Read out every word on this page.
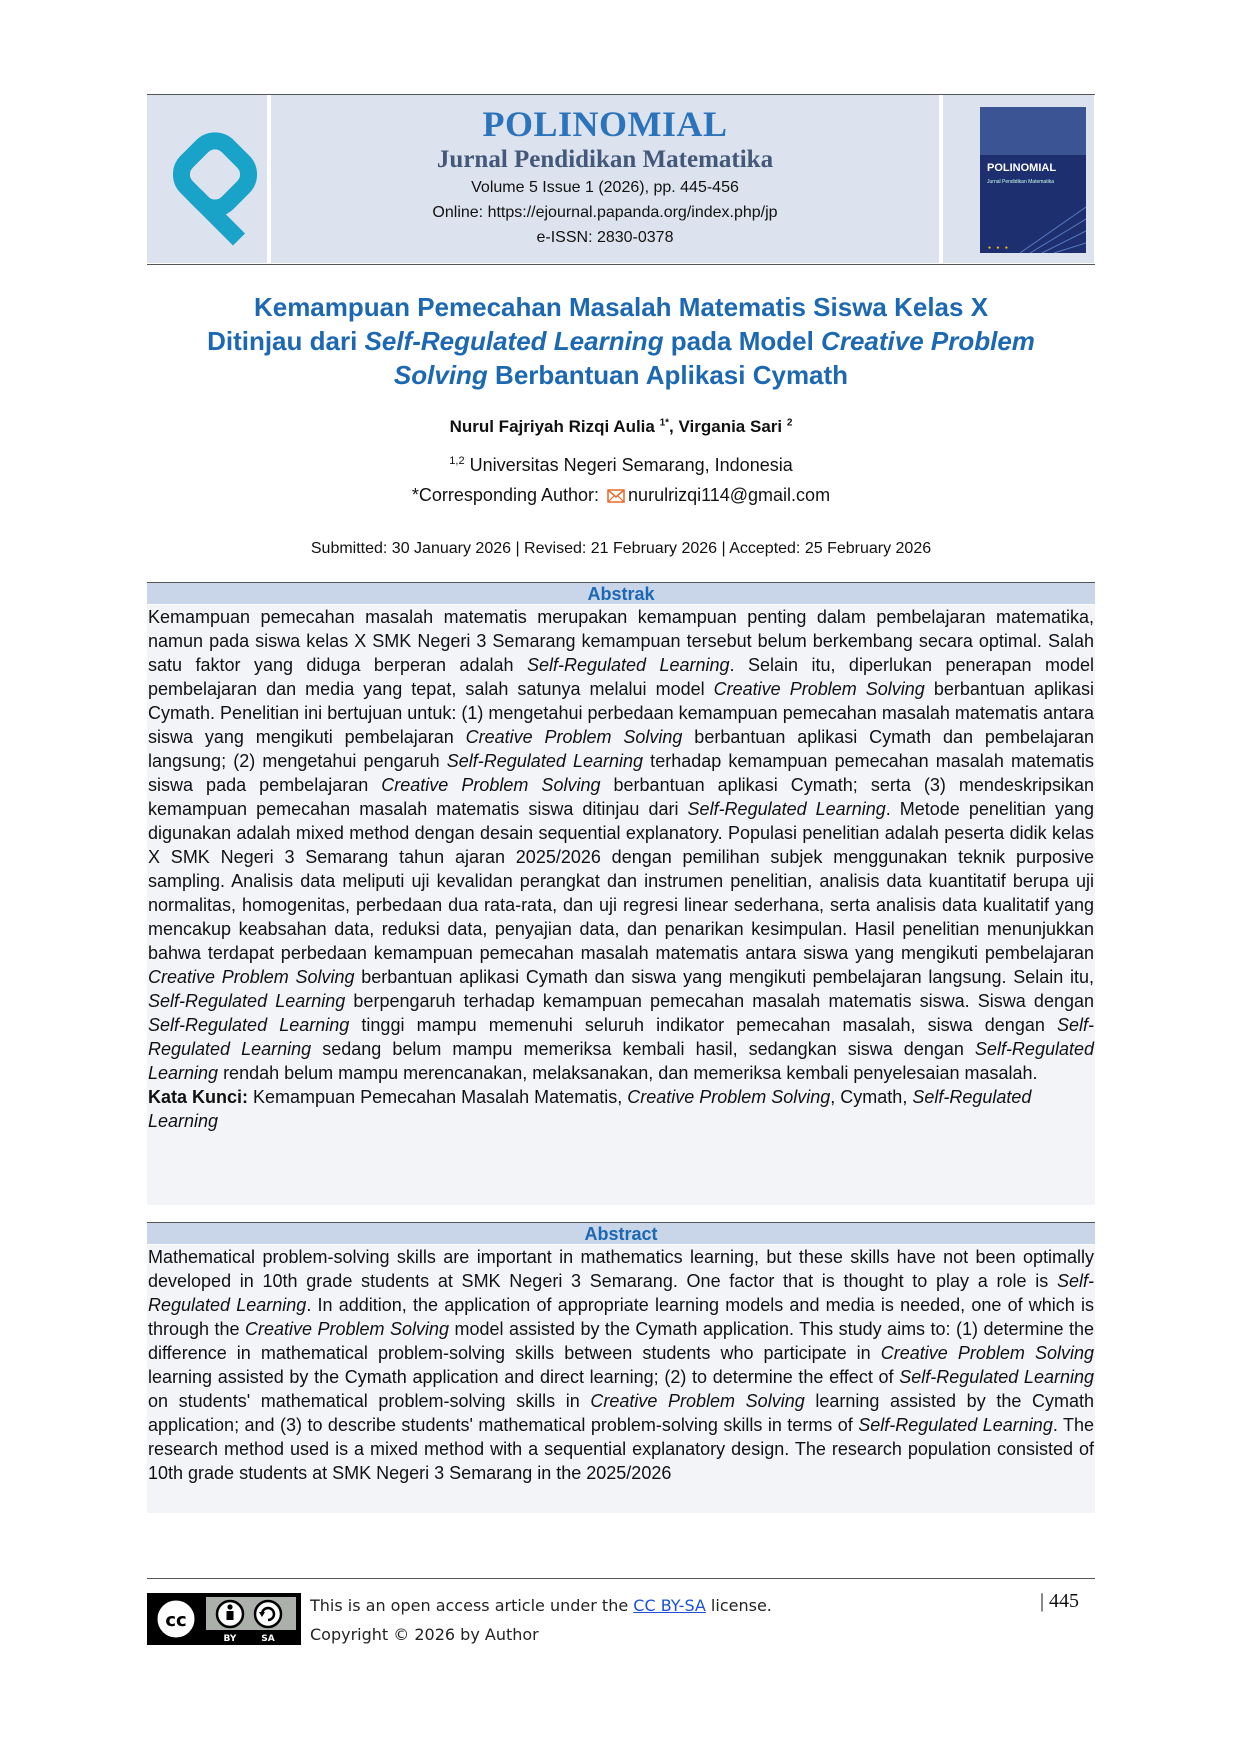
POLINOMIAL
Jurnal Pendidikan Matematika
Volume 5 Issue 1 (2026), pp. 445-456
Online: https://ejournal.papanda.org/index.php/jp
e-ISSN: 2830-0378
POLINOMIAL
Jurnal Pendidikan Matematika
● ● ●
Kemampuan Pemecahan Masalah Matematis Siswa Kelas X
Ditinjau dari Self-Regulated Learning pada Model Creative Problem
Solving Berbantuan Aplikasi Cymath
Nurul Fajriyah Rizqi Aulia $^{1*}$, Virgania Sari $^2$
$^{1,2}$ Universitas Negeri Semarang, Indonesia
*Corresponding Author: nurulrizqi114@gmail.com
Submitted: 30 January 2026 | Revised: 21 February 2026 | Accepted: 25 February 2026
Abstrak

Kemampuan pemecahan masalah matematis merupakan kemampuan penting dalam pembelajaran matematika, namun pada siswa kelas X SMK Negeri 3 Semarang kemampuan tersebut belum berkembang secara optimal. Salah satu faktor yang diduga berperan adalah Self-Regulated Learning. Selain itu, diperlukan penerapan model pembelajaran dan media yang tepat, salah satunya melalui model Creative Problem Solving berbantuan aplikasi Cymath. Penelitian ini bertujuan untuk: (1) mengetahui perbedaan kemampuan pemecahan masalah matematis antara siswa yang mengikuti pembelajaran Creative Problem Solving berbantuan aplikasi Cymath dan pembelajaran langsung; (2) mengetahui pengaruh Self-Regulated Learning terhadap kemampuan pemecahan masalah matematis siswa pada pembelajaran Creative Problem Solving berbantuan aplikasi Cymath; serta (3) mendeskripsikan kemampuan pemecahan masalah matematis siswa ditinjau dari Self-Regulated Learning. Metode penelitian yang digunakan adalah mixed method dengan desain sequential explanatory. Populasi penelitian adalah peserta didik kelas X SMK Negeri 3 Semarang tahun ajaran 2025/2026 dengan pemilihan subjek menggunakan teknik purposive sampling. Analisis data meliputi uji kevalidan perangkat dan instrumen penelitian, analisis data kuantitatif berupa uji normalitas, homogenitas, perbedaan dua rata-rata, dan uji regresi linear sederhana, serta analisis data kualitatif yang mencakup keabsahan data, reduksi data, penyajian data, dan penarikan kesimpulan. Hasil penelitian menunjukkan bahwa terdapat perbedaan kemampuan pemecahan masalah matematis antara siswa yang mengikuti pembelajaran Creative Problem Solving berbantuan aplikasi Cymath dan siswa yang mengikuti pembelajaran langsung. Selain itu, Self-Regulated Learning berpengaruh terhadap kemampuan pemecahan masalah matematis siswa. Siswa dengan Self-Regulated Learning tinggi mampu memenuhi seluruh indikator pemecahan masalah, siswa dengan Self-Regulated Learning sedang belum mampu memeriksa kembali hasil, sedangkan siswa dengan Self-Regulated Learning rendah belum mampu merencanakan, melaksanakan, dan memeriksa kembali penyelesaian masalah.

Kata Kunci: Kemampuan Pemecahan Masalah Matematis, Creative Problem Solving, Cymath, Self-Regulated Learning

Abstract

Mathematical problem-solving skills are important in mathematics learning, but these skills have not been optimally developed in 10th grade students at SMK Negeri 3 Semarang. One factor that is thought to play a role is Self-Regulated Learning. In addition, the application of appropriate learning models and media is needed, one of which is through the Creative Problem Solving model assisted by the Cymath application. This study aims to: (1) determine the difference in mathematical problem-solving skills between students who participate in Creative Problem Solving learning assisted by the Cymath application and direct learning; (2) to determine the effect of Self-Regulated Learning on students' mathematical problem-solving skills in Creative Problem Solving learning assisted by the Cymath application; and (3) to describe students' mathematical problem-solving skills in terms of Self-Regulated Learning. The research method used is a mixed method with a sequential explanatory design. The research population consisted of 10th grade students at SMK Negeri 3 Semarang in the 2025/2026

cc
BY	SA
This is an open access article under the CC BY-SA license.
Copyright © 2026 by Author
| 445
